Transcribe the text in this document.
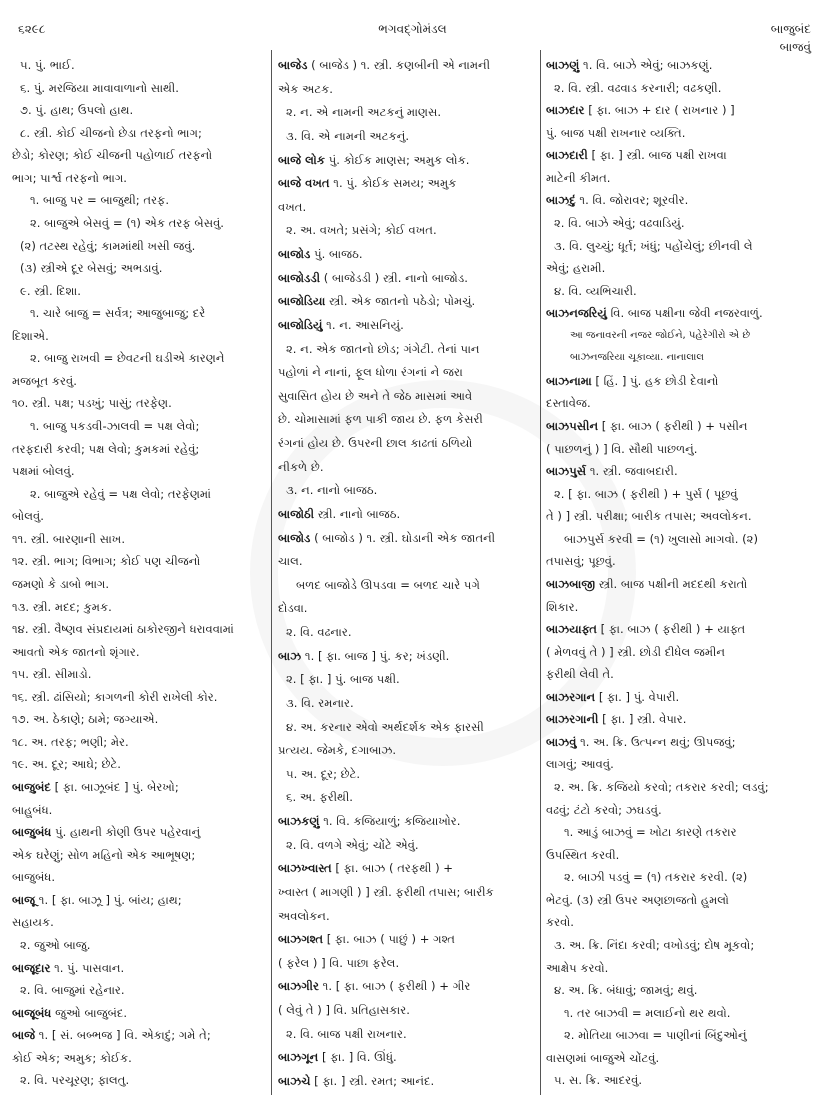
૬૨૯૮	ભગવદ્ગોમંડલ	બાજુબંદ
બાજવું
૫. પું. ભાઈ.
૬. પું. મરજિયા માવાવાળાનો સાથી.
૭. પું. હાથ; ઉપલો હાથ.
૮. સ્ત્રી. કોઈ ચીજનો છેડા તરફનો ભાગ;
છેડો; કોરણ; કોઈ ચીજની પહોળાઈ તરફનો
ભાગ; પાર્શ્વ તરફનો ભાગ.
૧. બાજુ પર = બાજુથી; તરફ.
૨. બાજુએ બેસવું = (૧) એક તરફ બેસવું.
(૨) તટસ્થ રહેવું; કામમાંથી ખસી જવું.
(૩) સ્ત્રીએ દૂર બેસવું; અભડાવું.
૯. સ્ત્રી. દિશા.
૧. ચારે બાજુ = સર્વત્ર; આજુબાજુ; દરે
દિશાએ.
૨. બાજુ રાખવી = છેવટની ઘડીએ કારણને
મજબૂત કરવું.
૧૦. સ્ત્રી. પક્ષ; પડખું; પાસું; તરફેણ.
૧. બાજુ પકડવી-ઝાલવી = પક્ષ લેવો;
તરફદારી કરવી; પક્ષ લેવો; કુમકમાં રહેવું;
પક્ષમાં બોલવું.
૨. બાજુએ રહેવું = પક્ષ લેવો; તરફેણમાં
બોલવું.
૧૧. સ્ત્રી. બારણાની સાખ.
૧૨. સ્ત્રી. ભાગ; વિભાગ; કોઈ પણ ચીજનો
જમણો કે ડાબો ભાગ.
૧૩. સ્ત્રી. મદદ; કુમક.
૧૪. સ્ત્રી. વૈષ્ણવ સંપ્રદાયમાં ઠાકોરજીને ધરાવવામાં
આવતો એક જાતનો શૃંગાર.
૧૫. સ્ત્રી. સીમાડો.
૧૬. સ્ત્રી. ઢાંસિયો; કાગળની કોરી રાખેલી કોર.
૧૭. અ. ઠેકાણે; ઠામે; જગ્યાએ.
૧૮. અ. તરફ; ભણી; મેર.
૧૯. અ. દૂર; આઘે; છેટે.
બાજુબંદ [ ફા. બાઝૂબંદ ] પું. બેરખો;
બાહુબંધ.
બાજુબંધ પું. હાથની કોણી ઉપર પહેરવાનું
એક ઘરેણું; સોળ મહિનો એક આભૂષણ;
બાજુબંધ.
બાજૂ ૧. [ ફા. બાઝૂ ] પું. બાંય; હાથ;
સહાયક.
૨. જુઓ બાજુ.
બાજૂદાર ૧. પું. પાસવાન.
૨. વિ. બાજુમાં રહેનાર.
બાજૂબંધ જુઓ બાજુબંદ.
બાજે ૧. [ સં. બબ્ભજ ] વિ. એકાદું; ગમે તે;
કોઈ એક; અમુક; કોઈક.
૨. વિ. પરચૂરણ; ફાલતુ.
બાજેડ ( બાજેડ ) ૧. સ્ત્રી. કણબીની એ નામની
એક અટક.
૨. ન. એ નામની અટકનું માણસ.
૩. વિ. એ નામની અટકનું.
બાજે લોક પું. કોઈક માણસ; અમુક લોક.
બાજે વખત ૧. પું. કોઈક સમય; અમુક
વખત.
૨. અ. વખતે; પ્રસંગે; કોઈ વખત.
બાજોડ પું. બાજઠ.
બાજોડડી ( બાજેડડી ) સ્ત્રી. નાનો બાજોડ.
બાજોડિયા સ્ત્રી. એક જાતનો પઠેડો; પોમચું.
બાજોડિયું ૧. ન. આસનિયું.
૨. ન. એક જાતનો છોડ; ગંગેટી. તેનાં પાન
પહોળાં ને નાનાં, ફૂલ ધોળા રંગનાં ને જરા
સુવાસિત હોય છે અને તે જેઠ માસમાં આવે
છે. ચોમાસામાં ફળ પાકી જાય છે. ફળ કેસરી
રંગનાં હોય છે. ઉપરની છાલ કાઢતાં ઠળિયો
નીકળે છે.
૩. ન. નાનો બાજઠ.
બાજોઠી સ્ત્રી. નાનો બાજઠ.
બાજોડ ( બાજોડ ) ૧. સ્ત્રી. ઘોડાની એક જાતની
ચાલ.
બળદ બાજોડે ઊપડવા = બળદ ચારે પગે
દોડવા.
૨. વિ. વઢનાર.
બાઝ ૧. [ ફા. બાજ ] પું. કર; ખંડણી.
૨. [ ફા. ] પું. બાજ પક્ષી.
૩. વિ. રમનાર.
૪. અ. કરનાર એવો અર્થદર્શક એક ફારસી
પ્રત્યય. જેમકે, દગાબાઝ.
૫. અ. દૂર; છેટે.
૬. અ. ફરીથી.
બાઝકણું ૧. વિ. કજિયાળું; કજિયાખોર.
૨. વિ. વળગે એવું; ચોંટે એવું.
બાઝખ્વાસ્ત [ ફા. બાઝ ( તરફથી ) +
ખ્વાસ્ત ( માગણી ) ] સ્ત્રી. ફરીથી તપાસ; બારીક
અવલોકન.
બાઝગશ્ત [ ફા. બાઝ ( પાછું ) + ગશ્ત
( ફરેલ ) ] વિ. પાછા ફરેલ.
બાઝગીર ૧. [ ફા. બાઝ ( ફરીથી ) + ગીર
( લેવું તે ) ] વિ. પ્રતિહાસકાર.
૨. વિ. બાજ પક્ષી રાખનાર.
બાઝગૂન [ ફા. ] વિ. ઊંધું.
બાઝચે [ ફા. ] સ્ત્રી. રમત; આનંદ.
બાઝણું ૧. વિ. બાઝે એવું; બાઝકણું.
૨. વિ. સ્ત્રી. વઢવાડ કરનારી; વઢકણી.
બાઝદાર [ ફા. બાઝ + દાર ( રાખનાર ) ]
પું. બાજ પક્ષી રાખનાર વ્યક્તિ.
બાઝદારી [ ફા. ] સ્ત્રી. બાજ પક્ષી રાખવા
માટેની કીમત.
બાઝદું ૧. વિ. જોરાવર; શૂરવીર.
૨. વિ. બાઝે એવું; વઢવાડિયું.
૩. વિ. લુચ્ચું; ધૂર્ત; ખંધું; પહોંચેલું; છીનવી લે
એવું; હરામી.
૪. વિ. વ્યભિચારી.
બાઝનજરિયું વિ. બાજ પક્ષીના જેવી નજરવાળું.
આ જનાવરની નજર જોઈને, પહેરેગીરો એ છે
બાઝનજરિયા ચૂકાવ્યા. નાનાલાલ
બાઝનામા [ હિં. ] પું. હક છોડી દેવાનો
દસ્તાવેજ.
બાઝપસીન [ ફા. બાઝ ( ફરીથી ) + પસીન
( પાછળનું ) ] વિ. સૌથી પાછળનું.
બાઝપુર્સ ૧. સ્ત્રી. જવાબદારી.
૨. [ ફા. બાઝ ( ફરીથી ) + પુર્સ ( પૂછવું
તે ) ] સ્ત્રી. પરીક્ષા; બારીક તપાસ; અવલોકન.
બાઝપુર્સ કરવી = (૧) ખુલાસો માગવો. (૨)
તપાસવું; પૂછવું.
બાઝબાજી સ્ત્રી. બાજ પક્ષીની મદદથી કરાતો
શિકાર.
બાઝયાફ્ત [ ફા. બાઝ ( ફરીથી ) + યાફ્ત
( મેળવવું તે ) ] સ્ત્રી. છોડી દીધેલ જમીન
ફરીથી લેવી તે.
બાઝરગાન [ ફા. ] પું. વેપારી.
બાઝરગાની [ ફા. ] સ્ત્રી. વેપાર.
બાઝવું ૧. અ. ક્રિ. ઉત્પન્ન થવું; ઊપજવું;
લાગવું; આવવું.
૨. અ. ક્રિ. કજિયો કરવો; તકરાર કરવી; લડવું;
વઢવું; ટંટો કરવો; ઝઘડવું.
૧. આડું બાઝવું = ખોટા કારણે તકરાર
ઉપસ્થિત કરવી.
૨. બાઝી પડવું = (૧) તકરાર કરવી. (૨)
ભેટવું. (૩) સ્ત્રી ઉપર અણછાજતો હુમલો
કરવો.
૩. અ. ક્રિ. નિંદા કરવી; વખોડવું; દોષ મૂકવો;
આક્ષેપ કરવો.
૪. અ. ક્રિ. બંધાવું; જામવું; થવું.
૧. તર બાઝવી = મલાઈનો થર થવો.
૨. મોતિયા બાઝવા = પાણીનાં બિંદુઓનું
વાસણમાં બાજુએ ચોંટવું.
૫. સ. ક્રિ. આદરવું.
